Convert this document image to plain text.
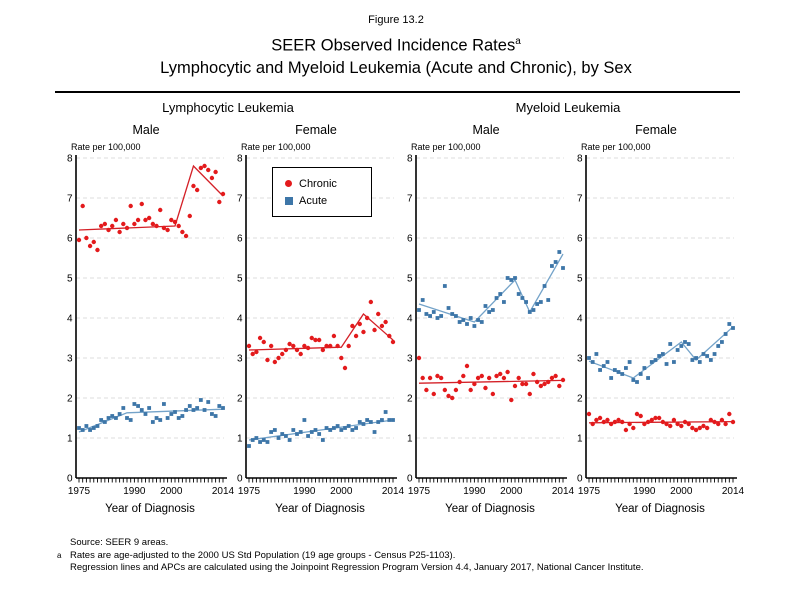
Figure 13.2
SEER Observed Incidence Rates$^a$
Lymphocytic and Myeloid Leukemia (Acute and Chronic), by Sex
Lymphocytic Leukemia	Myeloid Leukemia
Male	Female	Male	Female
Rate per 100,000
0
1
2
3
4
5
6
7
8
1975	1990 2000	2014
Year of Diagnosis
Rate per 100,000
0
1
2
3
4
5
6
7
8
1975	1990 2000	2014
Year of Diagnosis
Rate per 100,000
0
1
2
3
4
5
6
7
8
1975	1990 2000	2014
Year of Diagnosis
Rate per 100,000
0
1
2
3
4
5
6
7
8
1975	1990 2000	2014
Year of Diagnosis
Chronic
Acute
Source: SEER 9 areas.
a Rates are age-adjusted to the 2000 US Std Population (19 age groups - Census P25-1103).
Regression lines and APCs are calculated using the Joinpoint Regression Program Version 4.4, January 2017, National Cancer Institute.
